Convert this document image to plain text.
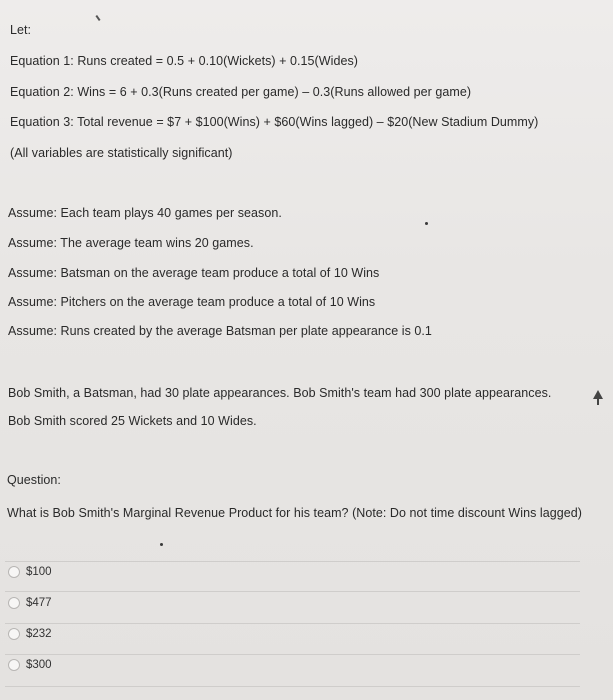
Let:
Equation 1: Runs created = 0.5 + 0.10(Wickets) + 0.15(Wides)
Equation 2: Wins = 6 + 0.3(Runs created per game) – 0.3(Runs allowed per game)
Equation 3: Total revenue = $7 + $100(Wins) + $60(Wins lagged) – $20(New Stadium Dummy)
(All variables are statistically significant)
Assume: Each team plays 40 games per season.
Assume: The average team wins 20 games.
Assume: Batsman on the average team produce a total of 10 Wins
Assume: Pitchers on the average team produce a total of 10 Wins
Assume: Runs created by the average Batsman per plate appearance is 0.1
Bob Smith, a Batsman, had 30 plate appearances. Bob Smith's team had 300 plate appearances.
Bob Smith scored 25 Wickets and 10 Wides.
Question:
What is Bob Smith's Marginal Revenue Product for his team? (Note: Do not time discount Wins lagged)
$100
$477
$232
$300
